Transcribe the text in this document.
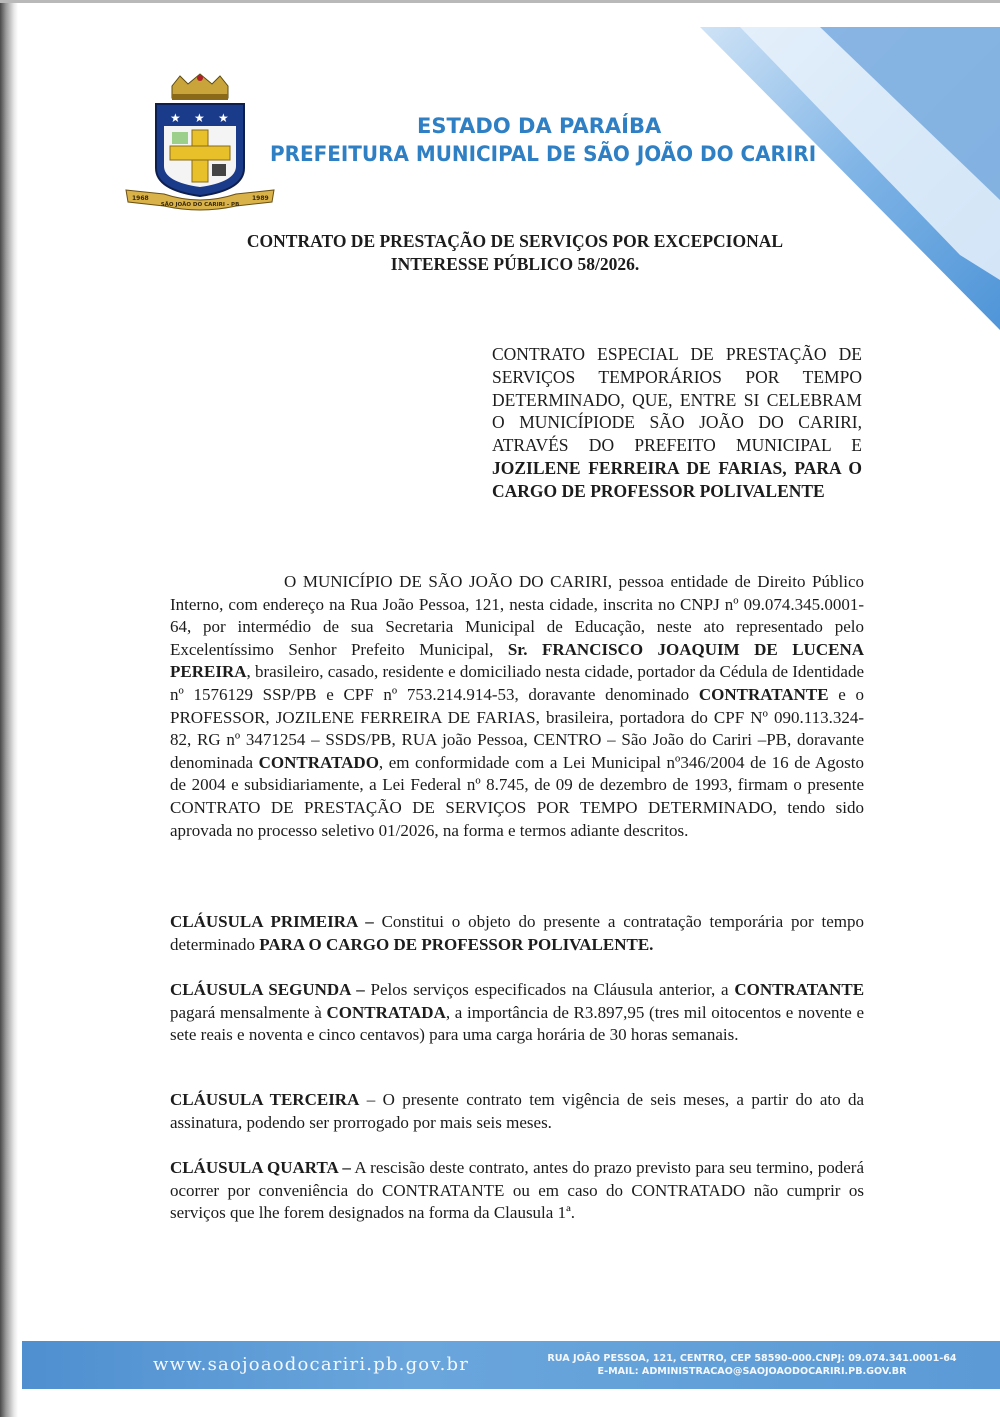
★ ★ ★
1968
SÃO JOÃO DO CARIRI - PB
1989
ESTADO DA PARAÍBA
PREFEITURA MUNICIPAL DE SÃO JOÃO DO CARIRI
CONTRATO DE PRESTAÇÃO DE SERVIÇOS POR EXCEPCIONAL
INTERESSE PÚBLICO 58/2026.
CONTRATO ESPECIAL DE PRESTAÇÃO DE SERVIÇOS TEMPORÁRIOS POR TEMPO DETERMINADO, QUE, ENTRE SI CELEBRAM O MUNICÍPIODE SÃO JOÃO DO CARIRI, ATRAVÉS DO PREFEITO MUNICIPAL E JOZILENE FERREIRA DE FARIAS, PARA O CARGO DE PROFESSOR POLIVALENTE
O MUNICÍPIO DE SÃO JOÃO DO CARIRI, pessoa entidade de Direito Público Interno, com endereço na Rua João Pessoa, 121, nesta cidade, inscrita no CNPJ nº 09.074.345.0001-64, por intermédio de sua Secretaria Municipal de Educação, neste ato representado pelo Excelentíssimo Senhor Prefeito Municipal, Sr. FRANCISCO JOAQUIM DE LUCENA PEREIRA, brasileiro, casado, residente e domiciliado nesta cidade, portador da Cédula de Identidade nº 1576129 SSP/PB e CPF nº 753.214.914-53, doravante denominado CONTRATANTE e o PROFESSOR, JOZILENE FERREIRA DE FARIAS, brasileira, portadora do CPF Nº 090.113.324-82, RG nº 3471254 – SSDS/PB, RUA joão Pessoa, CENTRO – São João do Cariri –PB, doravante denominada CONTRATADO, em conformidade com a Lei Municipal nº346/2004 de 16 de Agosto de 2004 e subsidiariamente, a Lei Federal nº 8.745, de 09 de dezembro de 1993, firmam o presente CONTRATO DE PRESTAÇÃO DE SERVIÇOS POR TEMPO DETERMINADO, tendo sido aprovada no processo seletivo 01/2026, na forma e termos adiante descritos.
CLÁUSULA PRIMEIRA – Constitui o objeto do presente a contratação temporária por tempo determinado PARA O CARGO DE PROFESSOR POLIVALENTE.
CLÁUSULA SEGUNDA – Pelos serviços especificados na Cláusula anterior, a CONTRATANTE pagará mensalmente à CONTRATADA, a importância de R3.897,95 (tres mil oitocentos e novente e sete reais e noventa e cinco centavos) para uma carga horária de 30 horas semanais.
CLÁUSULA TERCEIRA – O presente contrato tem vigência de seis meses, a partir do ato da assinatura, podendo ser prorrogado por mais seis meses.
CLÁUSULA QUARTA – A rescisão deste contrato, antes do prazo previsto para seu termino, poderá ocorrer por conveniência do CONTRATANTE ou em caso do CONTRATADO não cumprir os serviços que lhe forem designados na forma da Clausula 1ª.
www.saojoaodocariri.pb.gov.br	RUA JOÃO PESSOA, 121, CENTRO, CEP 58590-000.CNPJ: 09.074.341.0001-64
E-MAIL: ADMINISTRACAO@SAOJOAODOCARIRI.PB.GOV.BR
